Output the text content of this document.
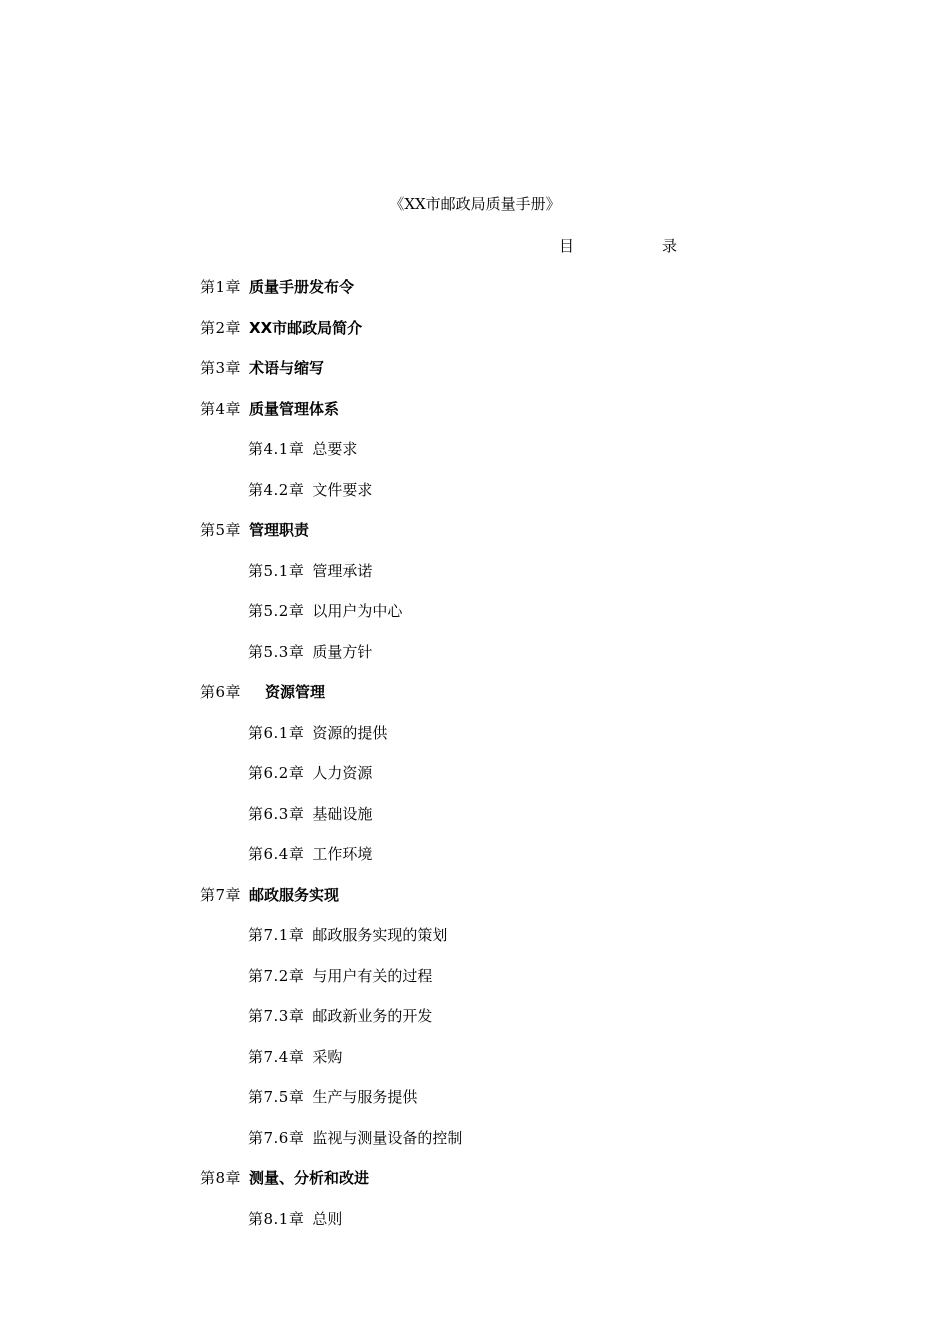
《XX市邮政局质量手册》
目	录
第1章 质量手册发布令
第2章 XX市邮政局简介
第3章 术语与缩写
第4章 质量管理体系
第4.1章 总要求
第4.2章 文件要求
第5章 管理职责
第5.1章 管理承诺
第5.2章 以用户为中心
第5.3章 质量方针
第6章 资源管理
第6.1章 资源的提供
第6.2章 人力资源
第6.3章 基础设施
第6.4章 工作环境
第7章 邮政服务实现
第7.1章 邮政服务实现的策划
第7.2章 与用户有关的过程
第7.3章 邮政新业务的开发
第7.4章 采购
第7.5章 生产与服务提供
第7.6章 监视与测量设备的控制
第8章 测量、分析和改进
第8.1章 总则
